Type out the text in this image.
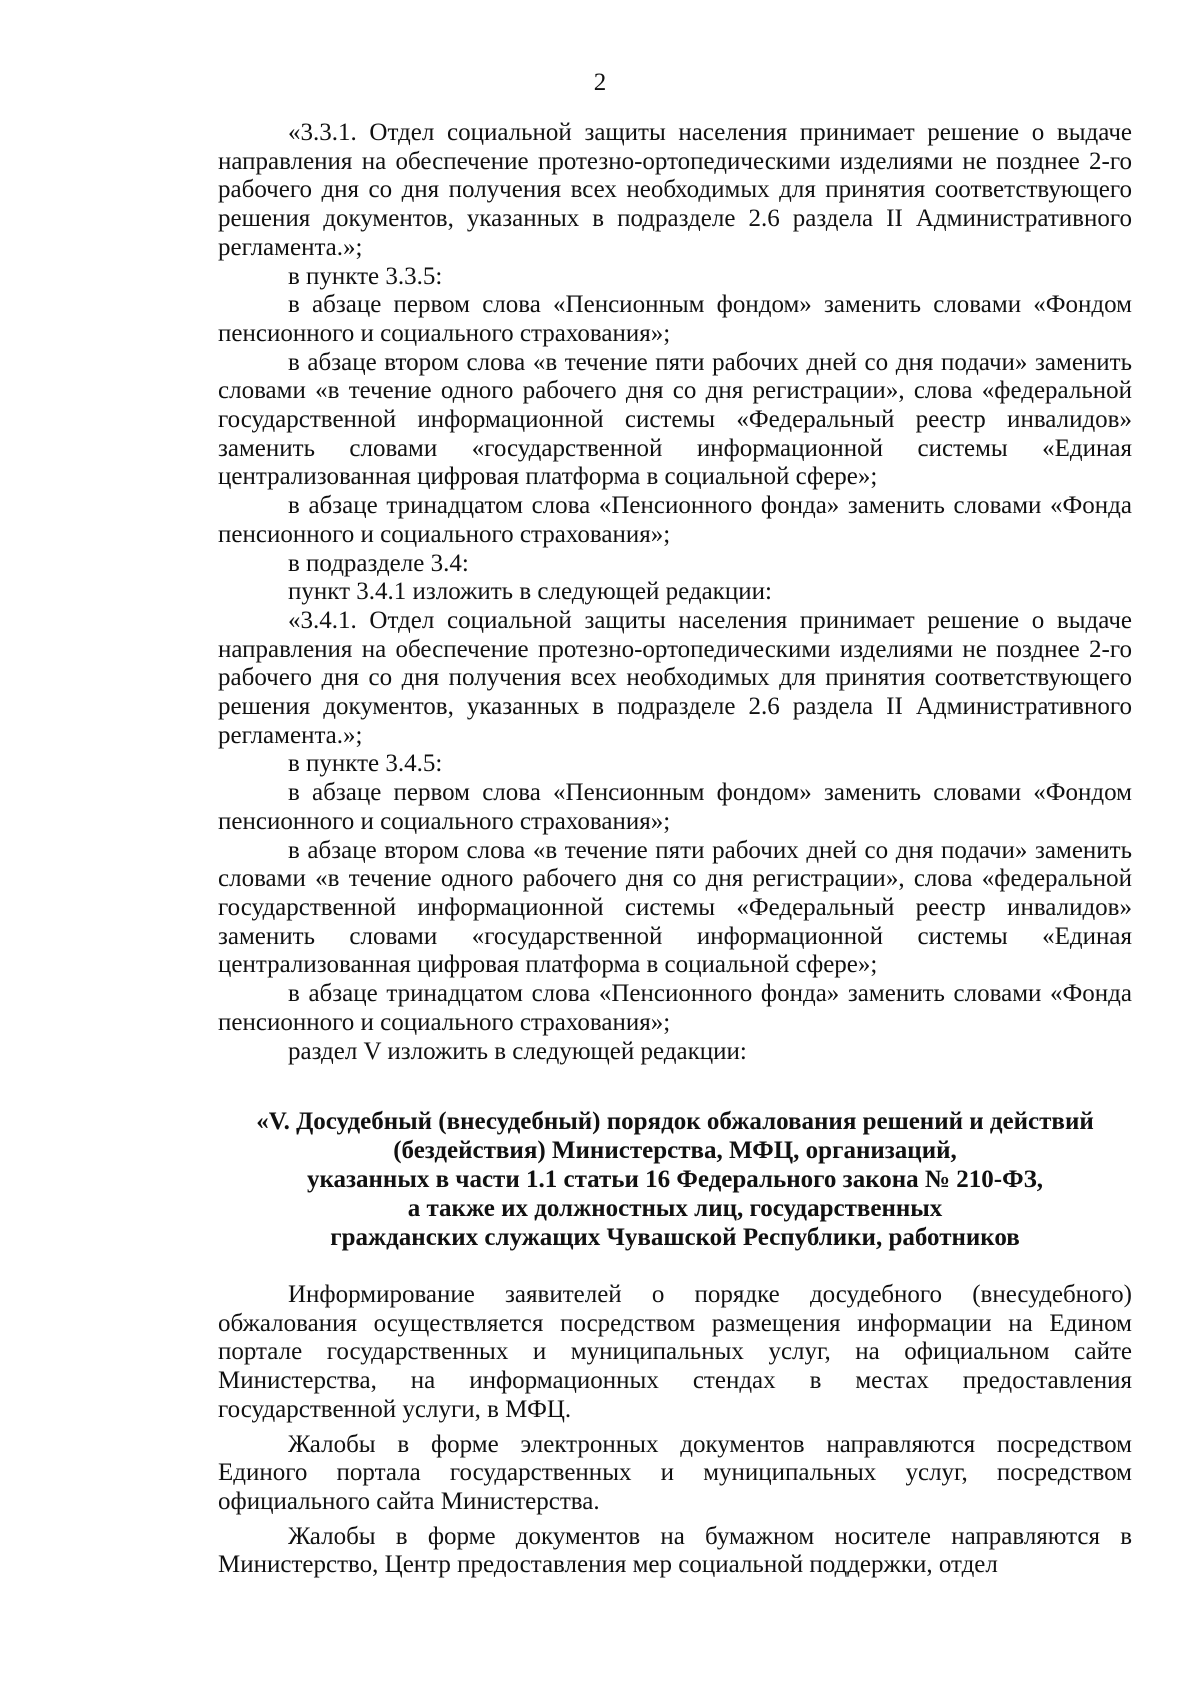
2

«3.3.1. Отдел социальной защиты населения принимает решение о выдаче направления на обеспечение протезно-ортопедическими изделиями не позднее 2-го рабочего дня со дня получения всех необходимых для принятия соответствующего решения документов, указанных в подразделе 2.6 раздела II Административного регламента.»;

в пункте 3.3.5:

в абзаце первом слова «Пенсионным фондом» заменить словами «Фондом пенсионного и социального страхования»;

в абзаце втором слова «в течение пяти рабочих дней со дня подачи» заменить словами «в течение одного рабочего дня со дня регистрации», слова «федеральной государственной информационной системы «Федеральный реестр инвалидов» заменить словами «государственной информационной системы «Единая централизованная цифровая платформа в социальной сфере»;

в абзаце тринадцатом слова «Пенсионного фонда» заменить словами «Фонда пенсионного и социального страхования»;

в подразделе 3.4:

пункт 3.4.1 изложить в следующей редакции:

«3.4.1. Отдел социальной защиты населения принимает решение о выдаче направления на обеспечение протезно-ортопедическими изделиями не позднее 2-го рабочего дня со дня получения всех необходимых для принятия соответствующего решения документов, указанных в подразделе 2.6 раздела II Административного регламента.»;

в пункте 3.4.5:

в абзаце первом слова «Пенсионным фондом» заменить словами «Фондом пенсионного и социального страхования»;

в абзаце втором слова «в течение пяти рабочих дней со дня подачи» заменить словами «в течение одного рабочего дня со дня регистрации», слова «федеральной государственной информационной системы «Федеральный реестр инвалидов» заменить словами «государственной информационной системы «Единая централизованная цифровая платформа в социальной сфере»;

в абзаце тринадцатом слова «Пенсионного фонда» заменить словами «Фонда пенсионного и социального страхования»;

раздел V изложить в следующей редакции:

«V. Досудебный (внесудебный) порядок обжалования решений и действий
(бездействия) Министерства, МФЦ, организаций,
указанных в части 1.1 статьи 16 Федерального закона № 210-ФЗ,
а также их должностных лиц, государственных
гражданских служащих Чувашской Республики, работников

Информирование заявителей о порядке досудебного (внесудебного) обжалования осуществляется посредством размещения информации на Едином портале государственных и муниципальных услуг, на официальном сайте Министерства, на информационных стендах в местах предоставления государственной услуги, в МФЦ.

Жалобы в форме электронных документов направляются посредством Единого портала государственных и муниципальных услуг, посредством официального сайта Министерства.

Жалобы в форме документов на бумажном носителе направляются в Министерство, Центр предоставления мер социальной поддержки, отдел
